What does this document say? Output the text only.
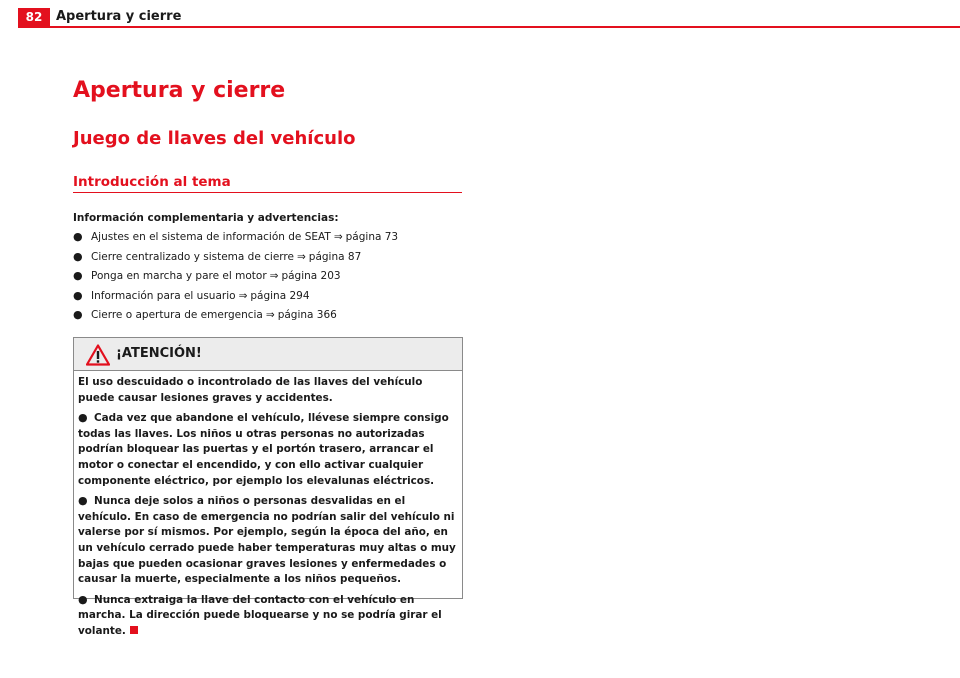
82	Apertura y cierre
Apertura y cierre
Juego de llaves del vehículo
Introducción al tema
Información complementaria y advertencias:
● Ajustes en el sistema de información de SEAT ⇒ página 73
● Cierre centralizado y sistema de cierre ⇒ página 87
● Ponga en marcha y pare el motor ⇒ página 203
● Información para el usuario ⇒ página 294
● Cierre o apertura de emergencia ⇒ página 366
¡ATENCIÓN!

El uso descuidado o incontrolado de las llaves del vehículo puede causar lesiones graves y accidentes.

● Cada vez que abandone el vehículo, llévese siempre consigo todas las llaves. Los niños u otras personas no autorizadas podrían bloquear las puertas y el portón trasero, arrancar el motor o conectar el encendido, y con ello activar cualquier componente eléctrico, por ejemplo los elevalunas eléctricos.

● Nunca deje solos a niños o personas desvalidas en el vehículo. En caso de emergencia no podrían salir del vehículo ni valerse por sí mismos. Por ejemplo, según la época del año, en un vehículo cerrado puede haber temperaturas muy altas o muy bajas que pueden ocasionar graves lesiones y enfermedades o causar la muerte, especialmente a los niños pequeños.

● Nunca extraiga la llave del contacto con el vehículo en marcha. La dirección puede bloquearse y no se podría girar el volante.
